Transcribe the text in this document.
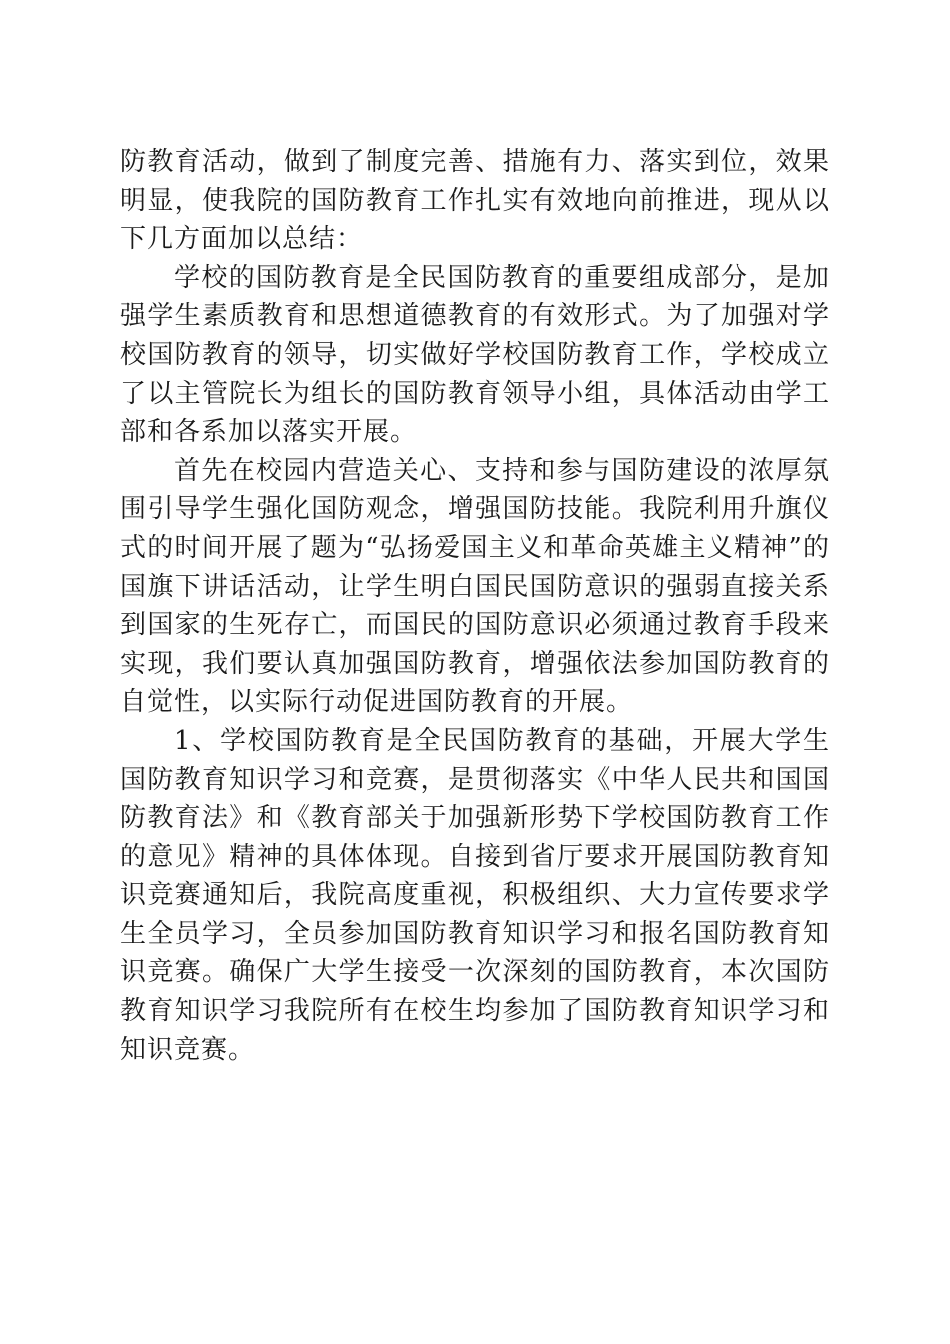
防教育活动，做到了制度完善、措施有力、落实到位，效果明显，使我院的国防教育工作扎实有效地向前推进，现从以下几方面加以总结：

学校的国防教育是全民国防教育的重要组成部分，是加强学生素质教育和思想道德教育的有效形式。为了加强对学校国防教育的领导，切实做好学校国防教育工作，学校成立了以主管院长为组长的国防教育领导小组，具体活动由学工部和各系加以落实开展。

首先在校园内营造关心、支持和参与国防建设的浓厚氛围引导学生强化国防观念，增强国防技能。我院利用升旗仪式的时间开展了题为“弘扬爱国主义和革命英雄主义精神”的国旗下讲话活动，让学生明白国民国防意识的强弱直接关系到国家的生死存亡，而国民的国防意识必须通过教育手段来实现，我们要认真加强国防教育，增强依法参加国防教育的自觉性，以实际行动促进国防教育的开展。

1、学校国防教育是全民国防教育的基础，开展大学生国防教育知识学习和竞赛，是贯彻落实《中华人民共和国国防教育法》和《教育部关于加强新形势下学校国防教育工作的意见》精神的具体体现。自接到省厅要求开展国防教育知识竞赛通知后，我院高度重视，积极组织、大力宣传要求学生全员学习，全员参加国防教育知识学习和报名国防教育知识竞赛。确保广大学生接受一次深刻的国防教育，本次国防教育知识学习我院所有在校生均参加了国防教育知识学习和知识竞赛。
